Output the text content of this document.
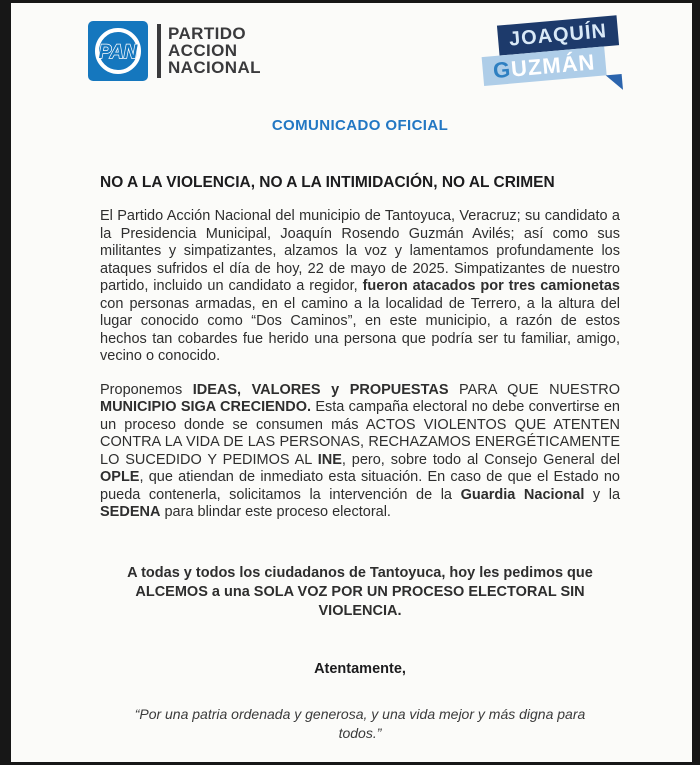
PAN
PARTIDO
ACCION
NACIONAL
JOAQUÍN
G
UZMÁN
COMUNICADO OFICIAL
NO A LA VIOLENCIA, NO A LA INTIMIDACIÓN, NO AL CRIMEN

El Partido Acción Nacional del municipio de Tantoyuca, Veracruz; su candidato a la Presidencia Municipal, Joaquín Rosendo Guzmán Avilés; así como sus militantes y simpatizantes, alzamos la voz y lamentamos profundamente los ataques sufridos el día de hoy, 22 de mayo de 2025. Simpatizantes de nuestro partido, incluido un candidato a regidor, fueron atacados por tres camionetas con personas armadas, en el camino a la localidad de Terrero, a la altura del lugar conocido como “Dos Caminos”, en este municipio, a razón de estos hechos tan cobardes fue herido una persona que podría ser tu familiar, amigo, vecino o conocido.

Proponemos IDEAS, VALORES y PROPUESTAS PARA QUE NUESTRO MUNICIPIO SIGA CRECIENDO. Esta campaña electoral no debe convertirse en un proceso donde se consumen más ACTOS VIOLENTOS QUE ATENTEN CONTRA LA VIDA DE LAS PERSONAS, RECHAZAMOS ENERGÉTICAMENTE LO SUCEDIDO Y PEDIMOS AL INE, pero, sobre todo al Consejo General del OPLE, que atiendan de inmediato esta situación. En caso de que el Estado no pueda contenerla, solicitamos la intervención de la Guardia Nacional y la SEDENA para blindar este proceso electoral.

A todas y todos los ciudadanos de Tantoyuca, hoy les pedimos que ALCEMOS a una SOLA VOZ POR UN PROCESO ELECTORAL SIN VIOLENCIA.

Atentamente,
“Por una patria ordenada y generosa, y una vida mejor y más digna para todos.”
